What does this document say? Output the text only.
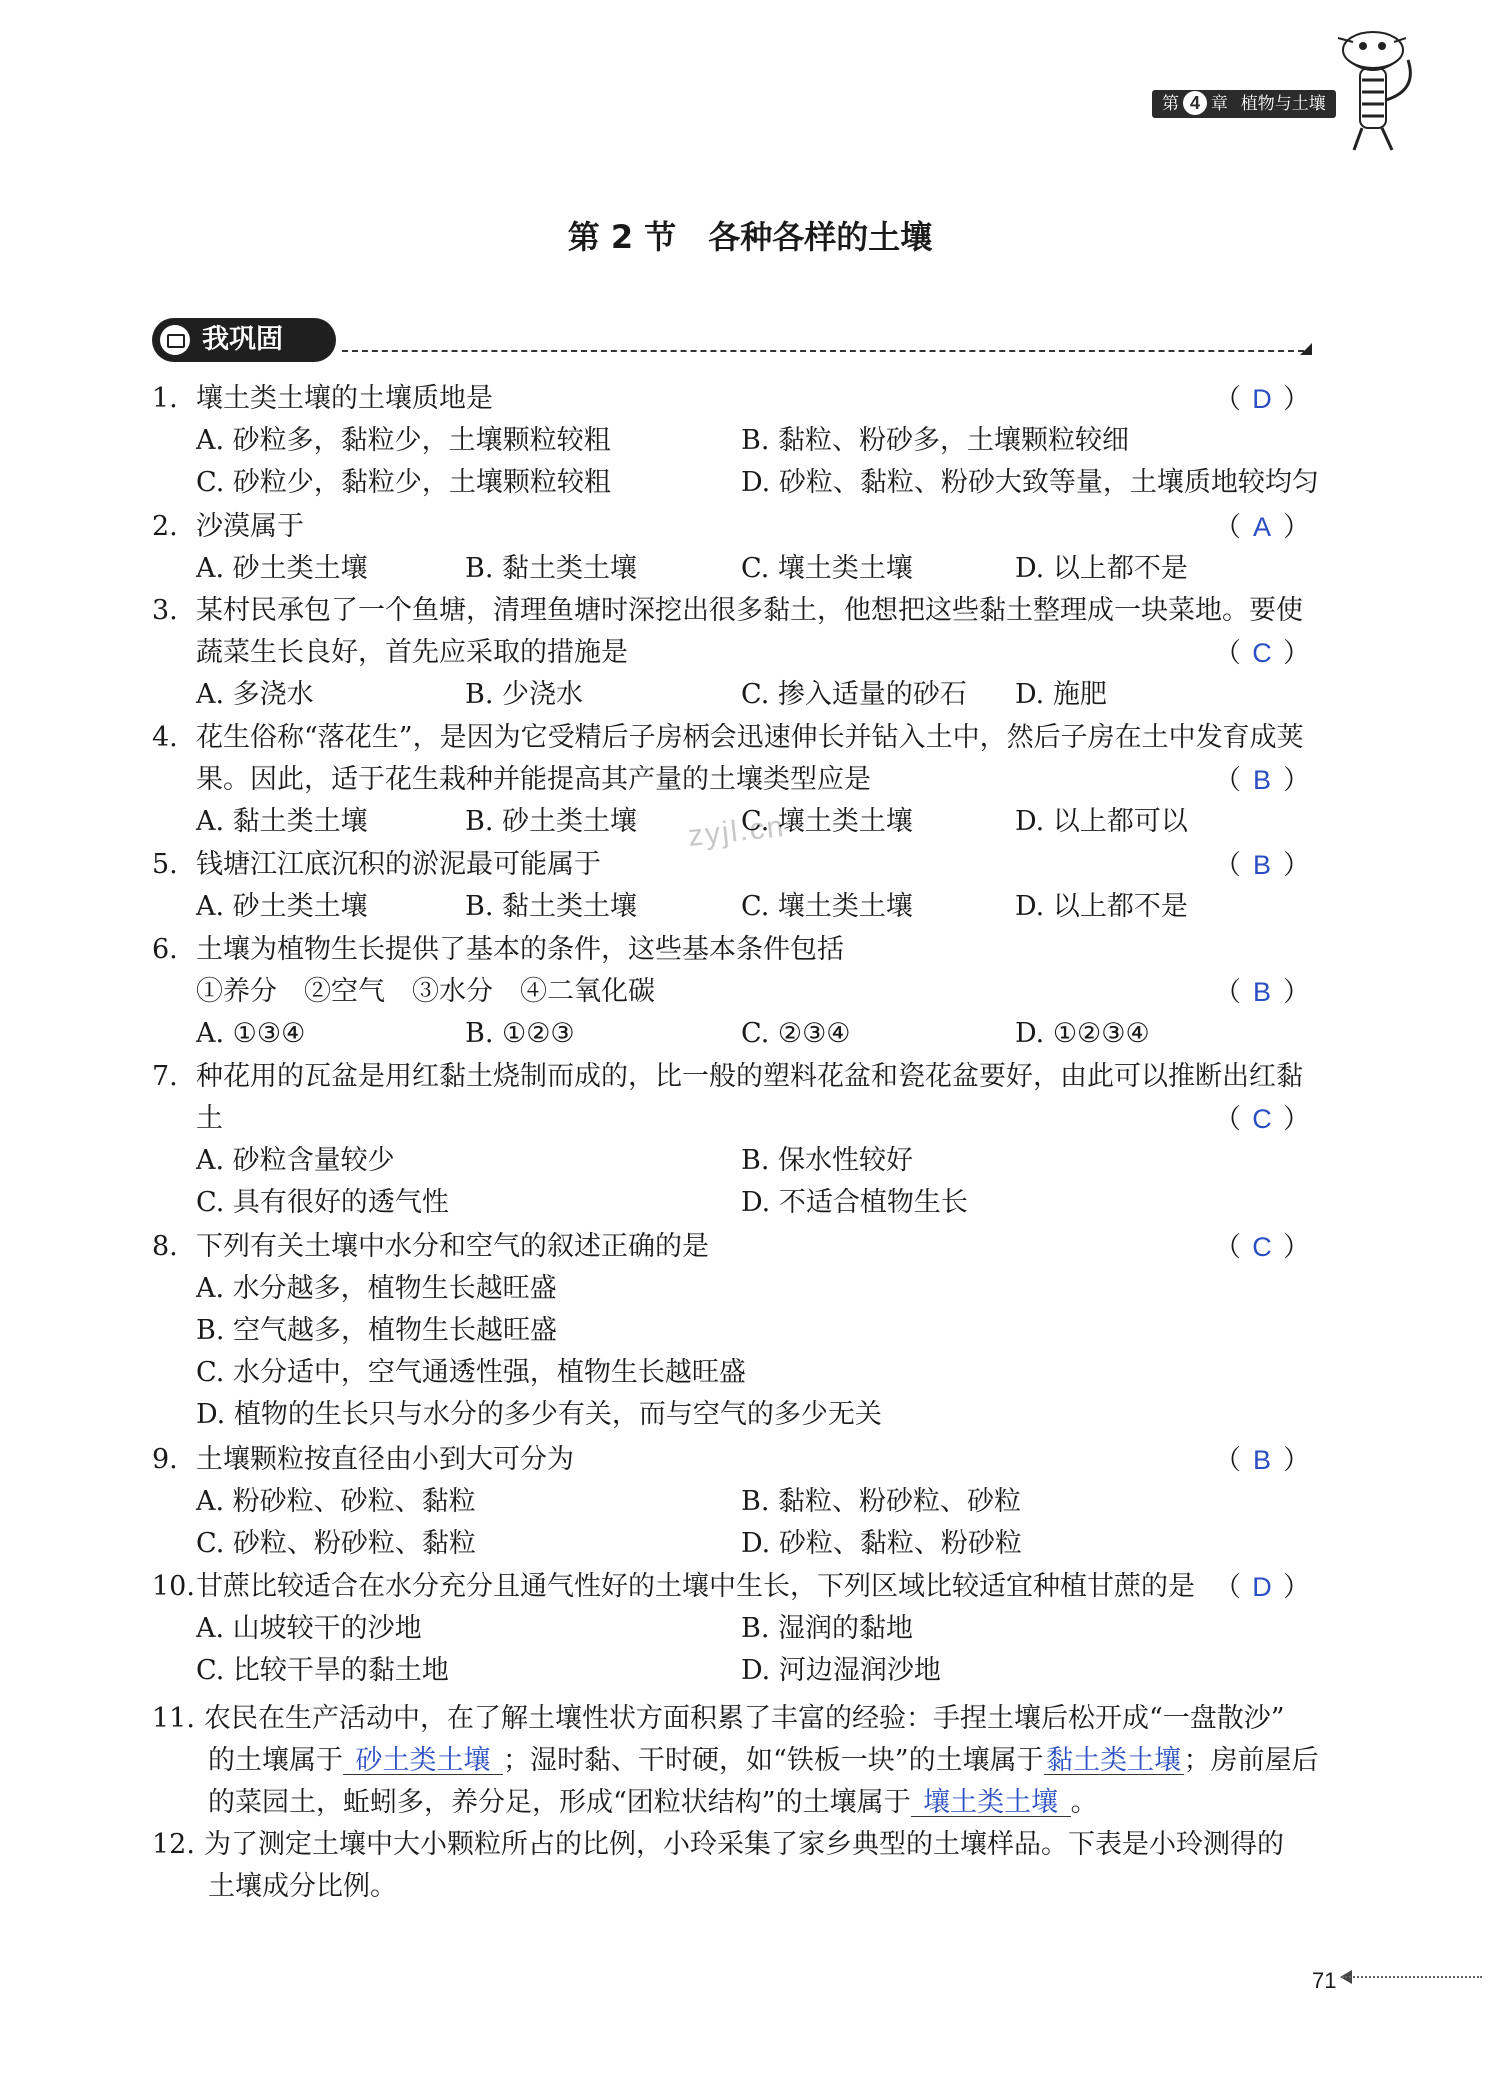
第 4 章 植物与土壤
第 2 节　各种各样的土壤
我巩固
zyjl.cn
1. 壤土类土壤的土壤质地是	（ D ）
A. 砂粒多，黏粒少，土壤颗粒较粗	B. 黏粒、粉砂多，土壤颗粒较细
C. 砂粒少，黏粒少，土壤颗粒较粗	D. 砂粒、黏粒、粉砂大致等量，土壤质地较均匀
2. 沙漠属于	（ A ）
A. 砂土类土壤	B. 黏土类土壤	C. 壤土类土壤	D. 以上都不是
3. 某村民承包了一个鱼塘，清理鱼塘时深挖出很多黏土，他想把这些黏土整理成一块菜地。要使
蔬菜生长良好，首先应采取的措施是	（ C ）
A. 多浇水	B. 少浇水	C. 掺入适量的砂石 D. 施肥
4. 花生俗称“落花生”，是因为它受精后子房柄会迅速伸长并钻入土中，然后子房在土中发育成荚
果。因此，适于花生栽种并能提高其产量的土壤类型应是	（ B ）
A. 黏土类土壤	B. 砂土类土壤	C. 壤土类土壤	D. 以上都可以
5. 钱塘江江底沉积的淤泥最可能属于	（ B ）
A. 砂土类土壤	B. 黏土类土壤	C. 壤土类土壤	D. 以上都不是
6. 土壤为植物生长提供了基本的条件，这些基本条件包括
①养分　②空气　③水分　④二氧化碳	（ B ）
A. ①③④	B. ①②③	C. ②③④	D. ①②③④
7. 种花用的瓦盆是用红黏土烧制而成的，比一般的塑料花盆和瓷花盆要好，由此可以推断出红黏
土	（ C ）
A. 砂粒含量较少	B. 保水性较好
C. 具有很好的透气性	D. 不适合植物生长
8. 下列有关土壤中水分和空气的叙述正确的是	（ C ）
A. 水分越多，植物生长越旺盛
B. 空气越多，植物生长越旺盛
C. 水分适中，空气通透性强，植物生长越旺盛
D. 植物的生长只与水分的多少有关，而与空气的多少无关
9. 土壤颗粒按直径由小到大可分为	（ B ）
A. 粉砂粒、砂粒、黏粒	B. 黏粒、粉砂粒、砂粒
C. 砂粒、粉砂粒、黏粒	D. 砂粒、黏粒、粉砂粒
10.甘蔗比较适合在水分充分且通气性好的土壤中生长，下列区域比较适宜种植甘蔗的是 （ D ）
A. 山坡较干的沙地	B. 湿润的黏地
C. 比较干旱的黏土地	D. 河边湿润沙地
11. 农民在生产活动中，在了解土壤性状方面积累了丰富的经验：手捏土壤后松开成“一盘散沙”
的土壤属于 砂土类土壤 ；湿时黏、干时硬，如“铁板一块”的土壤属于黏土类土壤；房前屋后
的菜园土，蚯蚓多，养分足，形成“团粒状结构”的土壤属于 壤土类土壤 。
12. 为了测定土壤中大小颗粒所占的比例，小玲采集了家乡典型的土壤样品。下表是小玲测得的
土壤成分比例。
71
